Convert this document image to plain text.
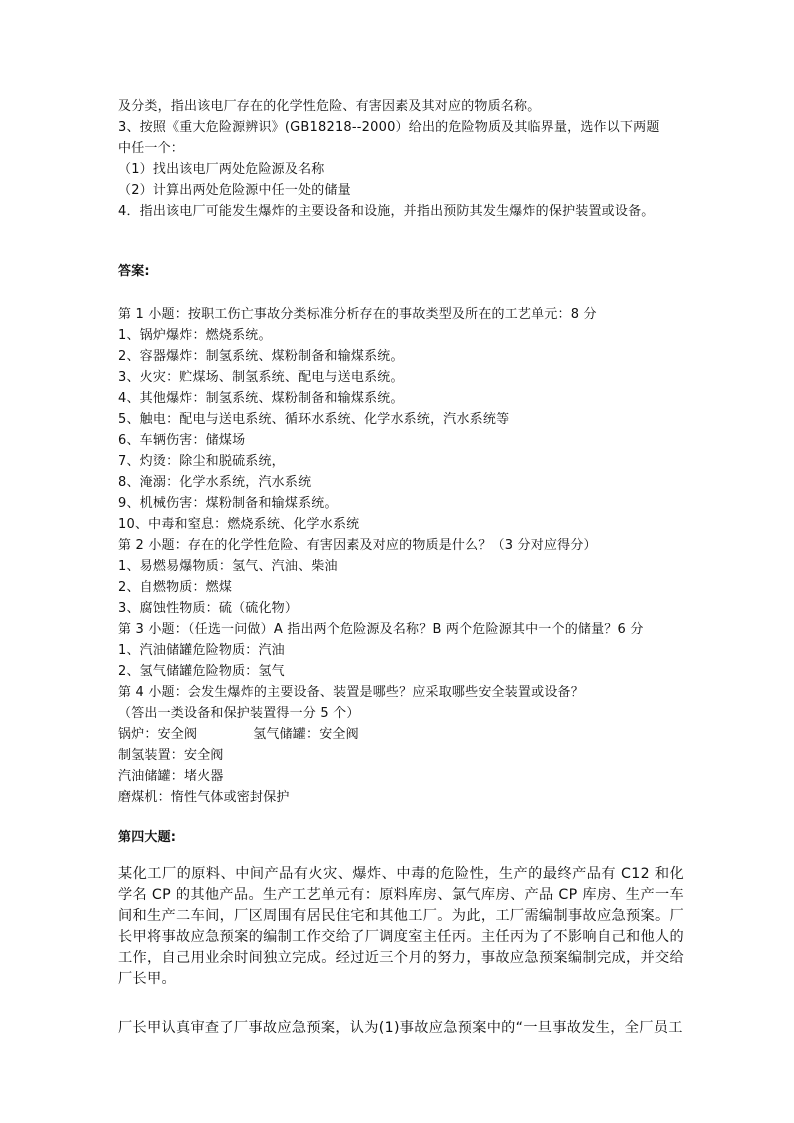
及分类，指出该电厂存在的化学性危险、有害因素及其对应的物质名称。
3、按照《重大危险源辨识》(GB18218--2000）给出的危险物质及其临界量，选作以下两题
中任一个：
（1）找出该电厂两处危险源及名称
（2）计算出两处危险源中任一处的储量
4．指出该电厂可能发生爆炸的主要设备和设施，并指出预防其发生爆炸的保护装置或设备。
答案:
第 1 小题：按职工伤亡事故分类标准分析存在的事故类型及所在的工艺单元：8 分
1、锅炉爆炸：燃烧系统。
2、容器爆炸：制氢系统、煤粉制备和输煤系统。
3、火灾：贮煤场、制氢系统、配电与送电系统。
4、其他爆炸：制氢系统、煤粉制备和输煤系统。
5、触电：配电与送电系统、循环水系统、化学水系统，汽水系统等
6、车辆伤害：储煤场
7、灼烫：除尘和脱硫系统，
8、淹溺：化学水系统，汽水系统
9、机械伤害：煤粉制备和输煤系统。
10、中毒和窒息：燃烧系统、化学水系统
第 2 小题：存在的化学性危险、有害因素及对应的物质是什么？（3 分对应得分）
1、易燃易爆物质：氢气、汽油、柴油
2、自燃物质：燃煤
3、腐蚀性物质：硫（硫化物）
第 3 小题：（任选一问做）A 指出两个危险源及名称？B 两个危险源其中一个的储量？6 分
1、汽油储罐危险物质：汽油
2、氢气储罐危险物质：氢气
第 4 小题：会发生爆炸的主要设备、装置是哪些？应采取哪些安全装置或设备？
（答出一类设备和保护装置得一分 5 个）
锅炉：安全阀	氢气储罐：安全阀
制氢装置：安全阀
汽油储罐：堵火器
磨煤机：惰性气体或密封保护
第四大题:
某化工厂的原料、中间产品有火灾、爆炸、中毒的危险性，生产的最终产品有 C12 和化学名 CP 的其他产品。生产工艺单元有：原料库房、氯气库房、产品 CP 库房、生产一车间和生产二车间，厂区周围有居民住宅和其他工厂。为此，工厂需编制事故应急预案。厂长甲将事故应急预案的编制工作交给了厂调度室主任丙。主任丙为了不影响自己和他人的工作，自己用业余时间独立完成。经过近三个月的努力，事故应急预案编制完成，并交给厂长甲。
厂长甲认真审查了厂事故应急预案，认为(1)事故应急预案中的“一旦事故发生，全厂员工
